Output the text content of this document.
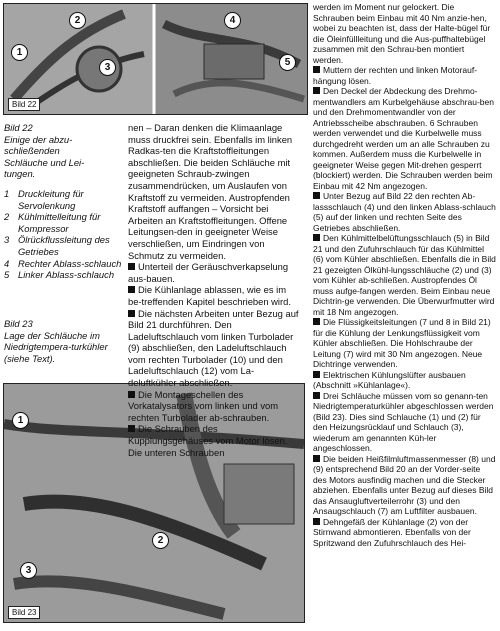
1
2
3
4
5
Bild 22
1
2
3
Bild 23

Bild 22
Einige der abzu-
schließenden
Schläuche und Lei-
tungen.

1 Druckleitung für Servolenkung
2 Kühlmittelleitung für Kompressor
3 Ölrückflussleitung des Getriebes
4 Rechter Ablass-schlauch
5 Linker Ablass-schlauch

Bild 23
Lage der Schläuche im Niedrigtempera-turkühler (siehe Text).

nen – Daran denken die Klimaanlage muss druckfrei sein. Ebenfalls im linken Radkas-ten die Kraftstoffleitungen abschließen. Die beiden Schläuche mit geeigneten Schraub-zwingen zusammendrücken, um Auslaufen von Kraftstoff zu vermeiden. Austropfenden Kraftstoff auffangen – Vorsicht bei Arbeiten an Kraftstoffleitungen. Offene Leitungsen-den in geeigneter Weise verschließen, um Eindringen von Schmutz zu vermeiden.

Unterteil der Geräuschverkapselung aus-bauen.

Die Kühlanlage ablassen, wie es im be-treffenden Kapitel beschrieben wird.

Die nächsten Arbeiten unter Bezug auf Bild 21 durchführen. Den Ladeluftschlauch vom linken Turbolader (9) abschließen, den Ladeluftschlauch vom rechten Turbolader (10) und den Ladeluftschlauch (12) vom La-deluftkühler abschließen.

Die Montageschellen des Vorkatalysators vom linken und vom rechten Turbolader ab-schrauben.

Die Schrauben des Kupplungsgehäuses vom Motor lösen. Die unteren Schrauben

werden im Moment nur gelockert. Die Schrauben beim Einbau mit 40 Nm anzie-hen, wobei zu beachten ist, dass der Halte-bügel für die Öleinfüllleitung und die Aus-puffhaltebügel zusammen mit den Schrau-ben montiert werden.

Muttern der rechten und linken Motorauf-hängung lösen.

Den Deckel der Abdeckung des Drehmo-mentwandlers am Kurbelgehäuse abschrau-ben und den Drehmomentwandler von der Antriebsscheibe abschrauben. 6 Schrauben werden verwendet und die Kurbelwelle muss durchgedreht werden um an alle Schrauben zu kommen. Außerdem muss die Kurbelwelle in geeigneter Weise gegen Mit-drehen gesperrt (blockiert) werden. Die Schrauben werden beim Einbau mit 42 Nm angezogen.

Unter Bezug auf Bild 22 den rechten Ab-lassschlauch (4) und den linken Ablass-schlauch (5) auf der linken und rechten Seite des Getriebes abschließen.

Den Kühlmittelbelüftungsschlauch (5) in Bild 21 und den Zufuhrschlauch für das Kühlmittel (6) vom Kühler abschließen. Ebenfalls die in Bild 21 gezeigten Ölkühl-lungsschläuche (2) und (3) vom Kühler ab-schließen. Austropfendes Öl muss aufge-fangen werden. Beim Einbau neue Dichtrin-ge verwenden. Die Überwurfmutter wird mit 18 Nm angezogen.

Die Flüssigkeitsleitungen (7 und 8 in Bild 21) für die Kühlung der Lenkungsflüssigkeit vom Kühler abschließen. Die Hohlschraube der Leitung (7) wird mit 30 Nm angezogen. Neue Dichtringe verwenden.

Elektrischen Kühlungslüfter ausbauen (Abschnitt »Kühlanlage«).

Drei Schläuche müssen vom so genann-ten Niedrigtemperaturkühler abgeschlossen werden (Bild 23). Dies sind Schlauche (1) und (2) für den Heizungsrücklauf und Schlauch (3), wiederum am genannten Küh-ler angeschlossen.

Die beiden Heißfilmluftmassenmesser (8) und (9) entsprechend Bild 20 an der Vorder-seite des Motors ausfindig machen und die Stecker abziehen. Ebenfalls unter Bezug auf dieses Bild das Ansaugluftverteilerrohr (3) und den Ansaugschlauch (7) am Luftfilter ausbauen.

Dehngefäß der Kühlanlage (2) von der Stirnwand abmontieren. Ebenfalls von der Spritzwand den Zufuhrschlauch des Hei-
